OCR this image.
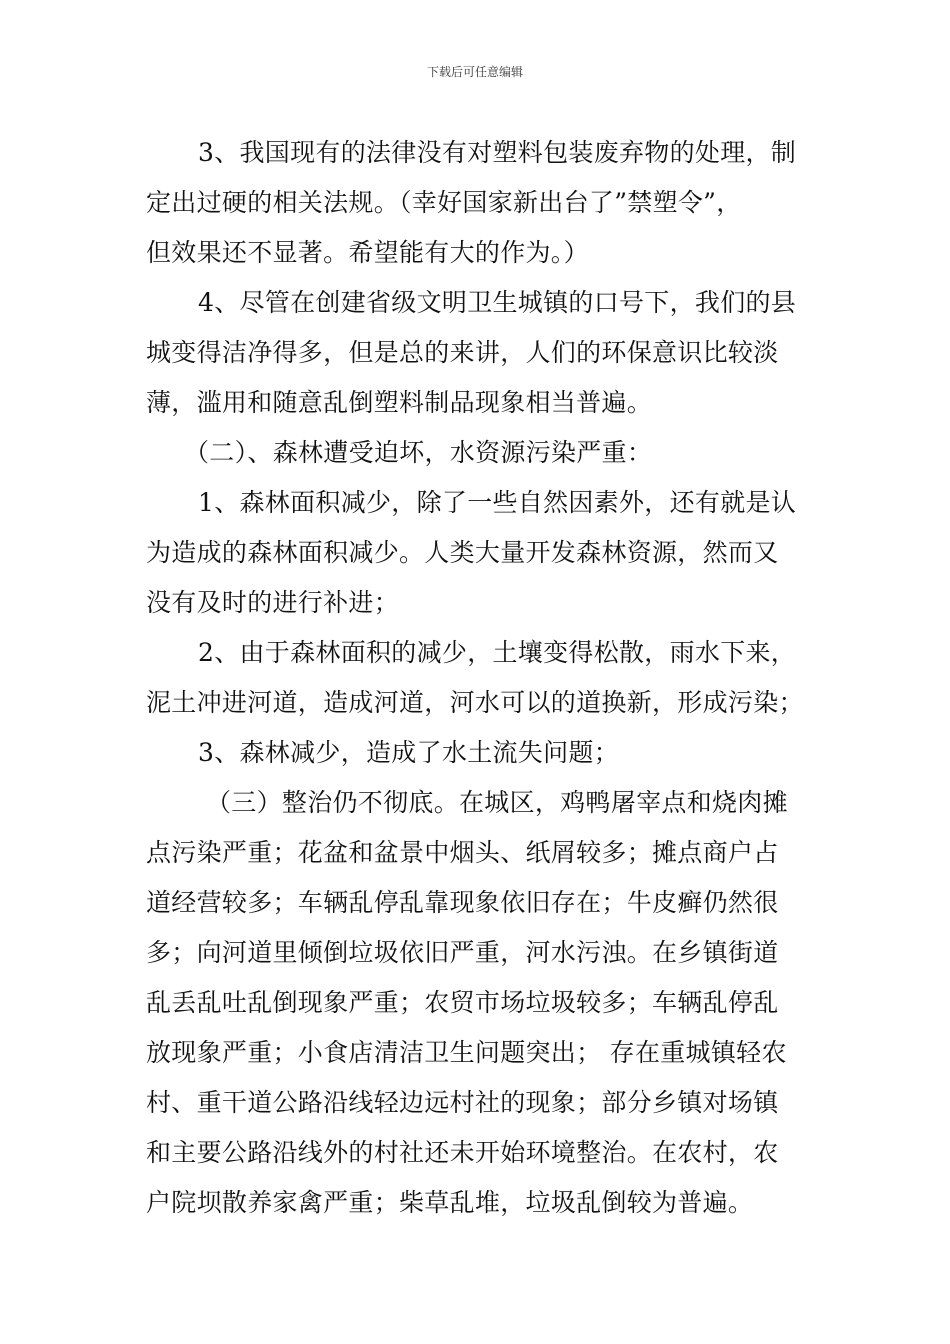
下载后可任意编辑
3、我国现有的法律没有对塑料包装废弃物的处理，制
定出过硬的相关法规。（幸好国家新出台了”禁塑令”，
但效果还不显著。希望能有大的作为。）
4、尽管在创建省级文明卫生城镇的口号下，我们的县
城变得洁净得多，但是总的来讲，人们的环保意识比较淡
薄，滥用和随意乱倒塑料制品现象相当普遍。
（二）、森林遭受迫坏，水资源污染严重：
1、森林面积减少，除了一些自然因素外，还有就是认
为造成的森林面积减少。人类大量开发森林资源，然而又
没有及时的进行补进；
2、由于森林面积的减少，土壤变得松散，雨水下来，
泥土冲进河道，造成河道，河水可以的道换新，形成污染；
3、森林减少，造成了水土流失问题；
（三）整治仍不彻底。在城区，鸡鸭屠宰点和烧肉摊
点污染严重；花盆和盆景中烟头、纸屑较多；摊点商户占
道经营较多；车辆乱停乱靠现象依旧存在；牛皮癣仍然很
多；向河道里倾倒垃圾依旧严重，河水污浊。在乡镇街道
乱丢乱吐乱倒现象严重；农贸市场垃圾较多；车辆乱停乱
放现象严重；小食店清洁卫生问题突出； 存在重城镇轻农
村、重干道公路沿线轻边远村社的现象；部分乡镇对场镇
和主要公路沿线外的村社还未开始环境整治。在农村，农
户院坝散养家禽严重；柴草乱堆，垃圾乱倒较为普遍。
